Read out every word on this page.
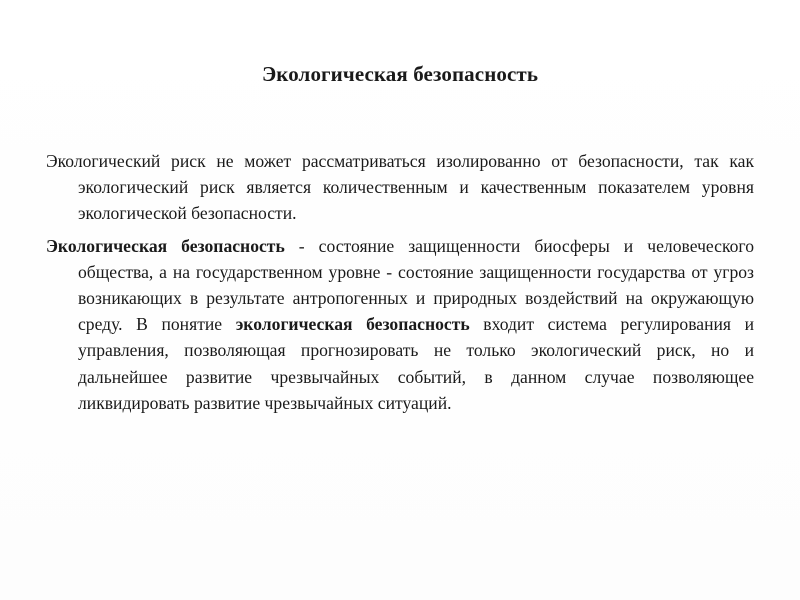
Экологическая безопасность

Экологический риск не может рассматриваться изолированно от безопасности, так как экологический риск является количественным и качественным показателем уровня экологической безопасности.

Экологическая безопасность - состояние защищенности биосферы и человеческого общества, а на государственном уровне - состояние защищенности государства от угроз возникающих в результате антропогенных и природных воздействий на окружающую среду. В понятие экологическая безопасность входит система регулирования и управления, позволяющая прогнозировать не только экологический риск, но и дальнейшее развитие чрезвычайных событий, в данном случае позволяющее ликвидировать развитие чрезвычайных ситуаций.
